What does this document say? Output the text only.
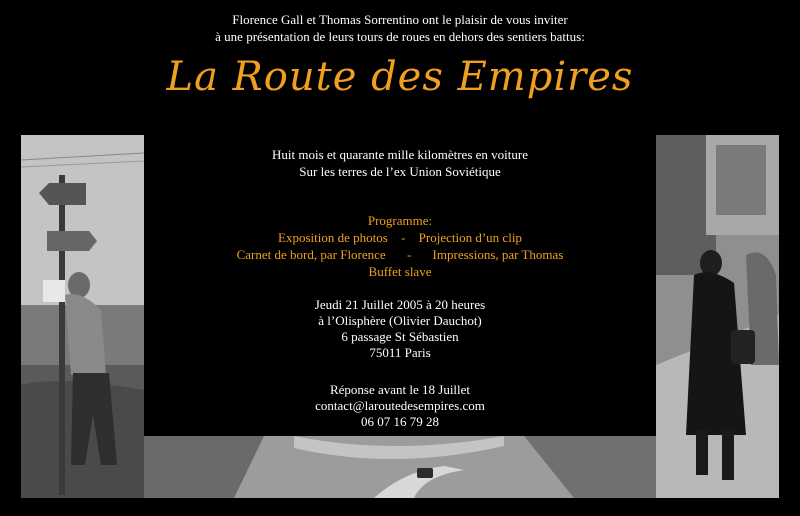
Florence Gall et Thomas Sorrentino ont le plaisir de vous inviter
à une présentation de leurs tours de roues en dehors des sentiers battus:
La Route des Empires
Huit mois et quarante mille kilomètres en voiture
Sur les terres de l’ex Union Soviétique
Programme:
Exposition de photos - Projection d’un clip
Carnet de bord, par Florence - Impressions, par Thomas
Buffet slave
Jeudi 21 Juillet 2005 à 20 heures
à l’Olisphère (Olivier Dauchot)
6 passage St Sébastien
75011 Paris
Réponse avant le 18 Juillet
contact@laroutedesempires.com
06 07 16 79 28
